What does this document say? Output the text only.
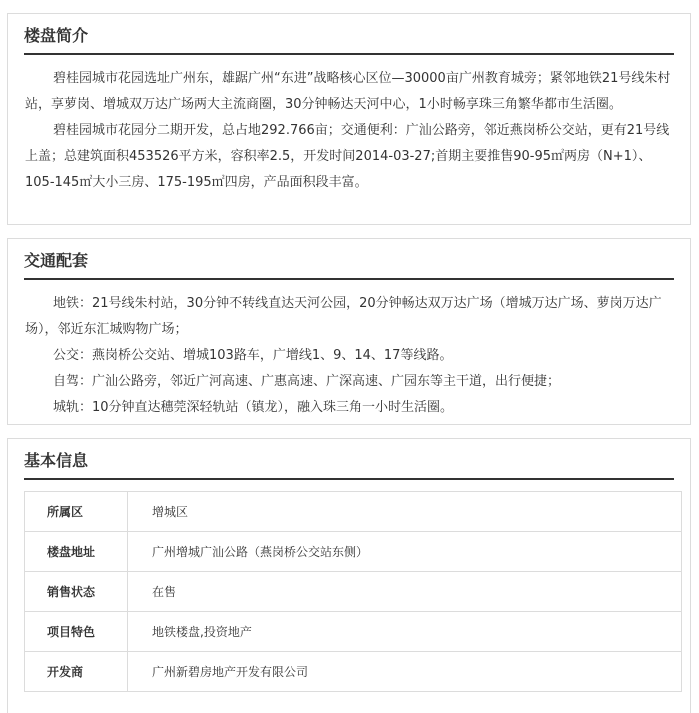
楼盘简介

碧桂园城市花园选址广州东，雄踞广州“东进”战略核心区位—30000亩广州教育城旁；紧邻地铁21号线朱村站，享萝岗、增城双万达广场两大主流商圈，30分钟畅达天河中心，1小时畅享珠三角繁华都市生活圈。

碧桂园城市花园分二期开发，总占地292.766亩；交通便利：广汕公路旁，邻近燕岗桥公交站，更有21号线上盖；总建筑面积453526平方米，容积率2.5，开发时间2014-03-27;首期主要推售90-95㎡两房（N+1）、105-145㎡大小三房、175-195㎡四房，产品面积段丰富。

交通配套

地铁：21号线朱村站，30分钟不转线直达天河公园，20分钟畅达双万达广场（增城万达广场、萝岗万达广场），邻近东汇城购物广场；

公交：燕岗桥公交站、增城103路车，广增线1、9、14、17等线路。

自驾：广汕公路旁，邻近广河高速、广惠高速、广深高速、广园东等主干道，出行便捷；

城轨：10分钟直达穗莞深轻轨站（镇龙），融入珠三角一小时生活圈。

基本信息
所属区	增城区
楼盘地址	广州增城广汕公路（燕岗桥公交站东侧）
销售状态	在售
项目特色	地铁楼盘,投资地产
开发商	广州新碧房地产开发有限公司
